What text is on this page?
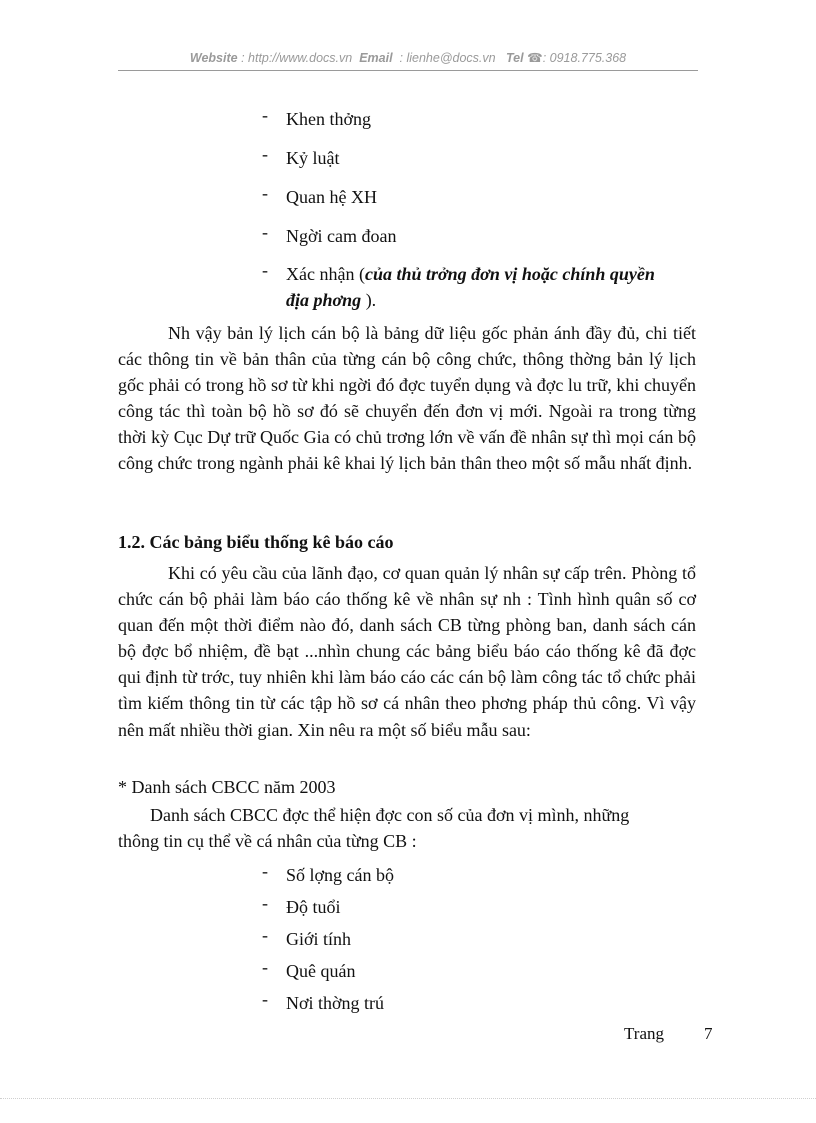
Website : http://www.docs.vn Email : lienhe@docs.vn Tel ☎: 0918.775.368
- Khen thởng
- Kỷ luật
- Quan hệ XH
- Ngời cam đoan
- Xác nhận (của thủ trởng đơn vị hoặc chính quyền
địa phơng ).
Nh vậy bản lý lịch cán bộ là bảng dữ liệu gốc phản ánh đầy đủ, chi tiết các thông tin về bản thân của từng cán bộ công chức, thông thờng bản lý lịch gốc phải có trong hồ sơ từ khi ngời đó đợc tuyển dụng và đợc lu trữ, khi chuyển công tác thì toàn bộ hồ sơ đó sẽ chuyển đến đơn vị mới. Ngoài ra trong từng thời kỳ Cục Dự trữ Quốc Gia có chủ trơng lớn về vấn đề nhân sự thì mọi cán bộ công chức trong ngành phải kê khai lý lịch bản thân theo một số mẫu nhất định.
1.2. Các bảng biểu thống kê báo cáo
Khi có yêu cầu của lãnh đạo, cơ quan quản lý nhân sự cấp trên. Phòng tổ chức cán bộ phải làm báo cáo thống kê về nhân sự nh : Tình hình quân số cơ quan đến một thời điểm nào đó, danh sách CB từng phòng ban, danh sách cán bộ đợc bổ nhiệm, đề bạt ...nhìn chung các bảng biểu báo cáo thống kê đã đợc qui định từ trớc, tuy nhiên khi làm báo cáo các cán bộ làm công tác tổ chức phải tìm kiếm thông tin từ các tập hồ sơ cá nhân theo phơng pháp thủ công. Vì vậy nên mất nhiều thời gian. Xin nêu ra một số biểu mẫu sau:
* Danh sách CBCC năm 2003
Danh sách CBCC đợc thể hiện đợc con số của đơn vị mình, những
thông tin cụ thể về cá nhân của từng CB :
- Số lợng cán bộ
- Độ tuổi
- Giới tính
- Quê quán
- Nơi thờng trú
Trang 7
